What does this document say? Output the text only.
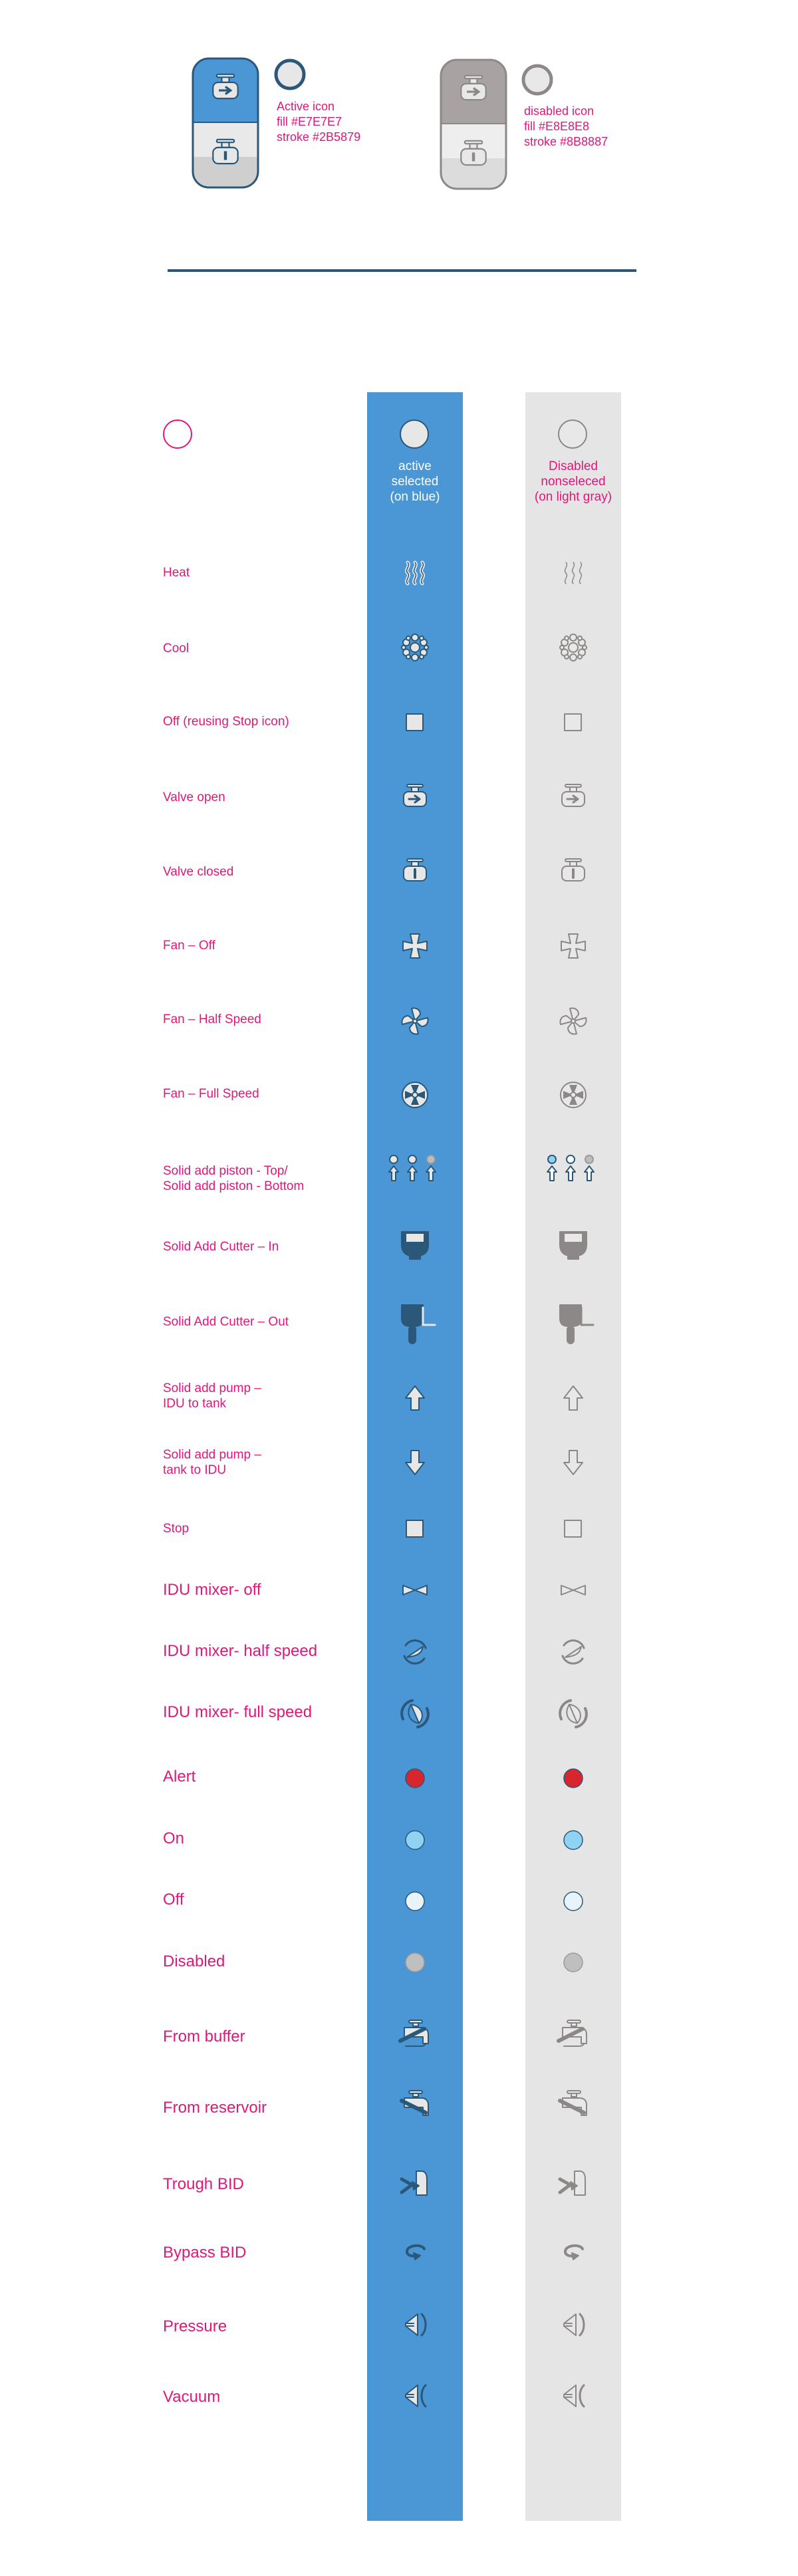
Active icon
fill #E7E7E7
stroke #2B5879
disabled icon
fill #E8E8E8
stroke #8B8887
active
selected
(on blue)
Disabled
nonseleced
(on light gray)
Heat
Cool
Off (reusing Stop icon)
Valve open
Valve closed
Fan – Off
Fan – Half Speed
Fan – Full Speed
Solid add piston - Top/
Solid add piston - Bottom
Solid Add Cutter – In
Solid Add Cutter – Out
Solid add pump –
IDU to tank
Solid add pump –
tank to IDU
Stop
IDU mixer- off
IDU mixer- half speed
IDU mixer- full speed
Alert
On
Off
Disabled
From buffer
From reservoir
Trough BID
Bypass BID
Pressure
Vacuum
